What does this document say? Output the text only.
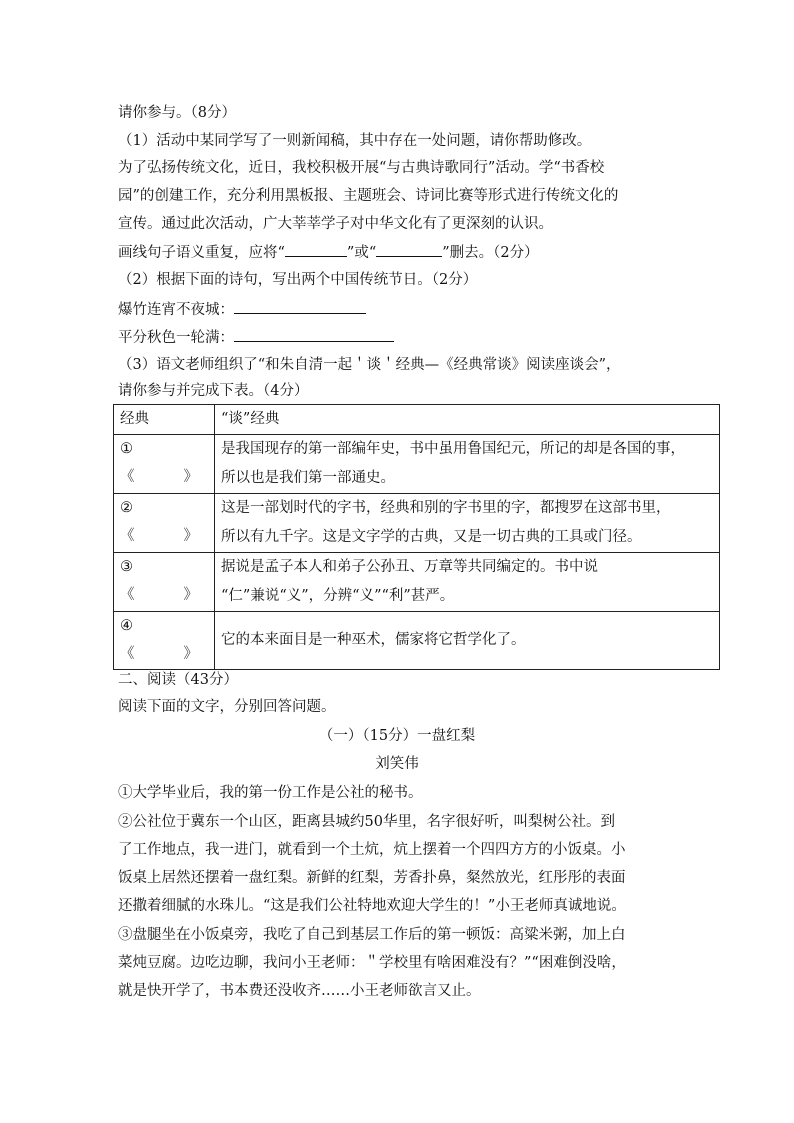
请你参与。（8分）
（1）活动中某同学写了一则新闻稿，其中存在一处问题，请你帮助修改。
为了弘扬传统文化，近日，我校积极开展“与古典诗歌同行”活动。学“书香校
园”的创建工作，充分利用黑板报、主题班会、诗词比赛等形式进行传统文化的
宣传。通过此次活动，广大莘莘学子对中华文化有了更深刻的认识。
画线句子语义重复，应将“	”或“	”删去。（2分）
（2）根据下面的诗句，写出两个中国传统节日。（2分）
爆竹连宵不夜城：
平分秋色一轮满：
（3）语文老师组织了“和朱自清一起＇谈＇经典—《经典常谈》阅读座谈会”，
请你参与并完成下表。（4分）
经典	“谈”经典

①
《 》	是我国现存的第一部编年史，书中虽用鲁国纪元，所记的却是各国的事，
所以也是我们第一部通史。

②
《 》	这是一部划时代的字书，经典和别的字书里的字，都搜罗在这部书里，
所以有九千字。这是文字学的古典，又是一切古典的工具或门径。

③
《 》	据说是孟子本人和弟子公孙丑、万章等共同编定的。书中说
“仁”兼说“义”，分辨“义”“利”甚严。

④
《 》	它的本来面目是一种巫术，儒家将它哲学化了。
二、阅读（43分）
阅读下面的文字，分别回答问题。
（一）（15分）一盘红梨
刘笑伟
①大学毕业后，我的第一份工作是公社的秘书。
②公社位于冀东一个山区，距离县城约50华里，名字很好听，叫梨树公社。到
了工作地点，我一进门，就看到一个土炕，炕上摆着一个四四方方的小饭桌。小
饭桌上居然还摆着一盘红梨。新鲜的红梨，芳香扑鼻，粲然放光，红彤彤的表面
还撒着细腻的水珠儿。“这是我们公社特地欢迎大学生的！”小王老师真诚地说。
③盘腿坐在小饭桌旁，我吃了自己到基层工作后的第一顿饭：高粱米粥，加上白
菜炖豆腐。边吃边聊，我问小王老师：＂学校里有啥困难没有？”“困难倒没啥，
就是快开学了，书本费还没收齐……小王老师欲言又止。
